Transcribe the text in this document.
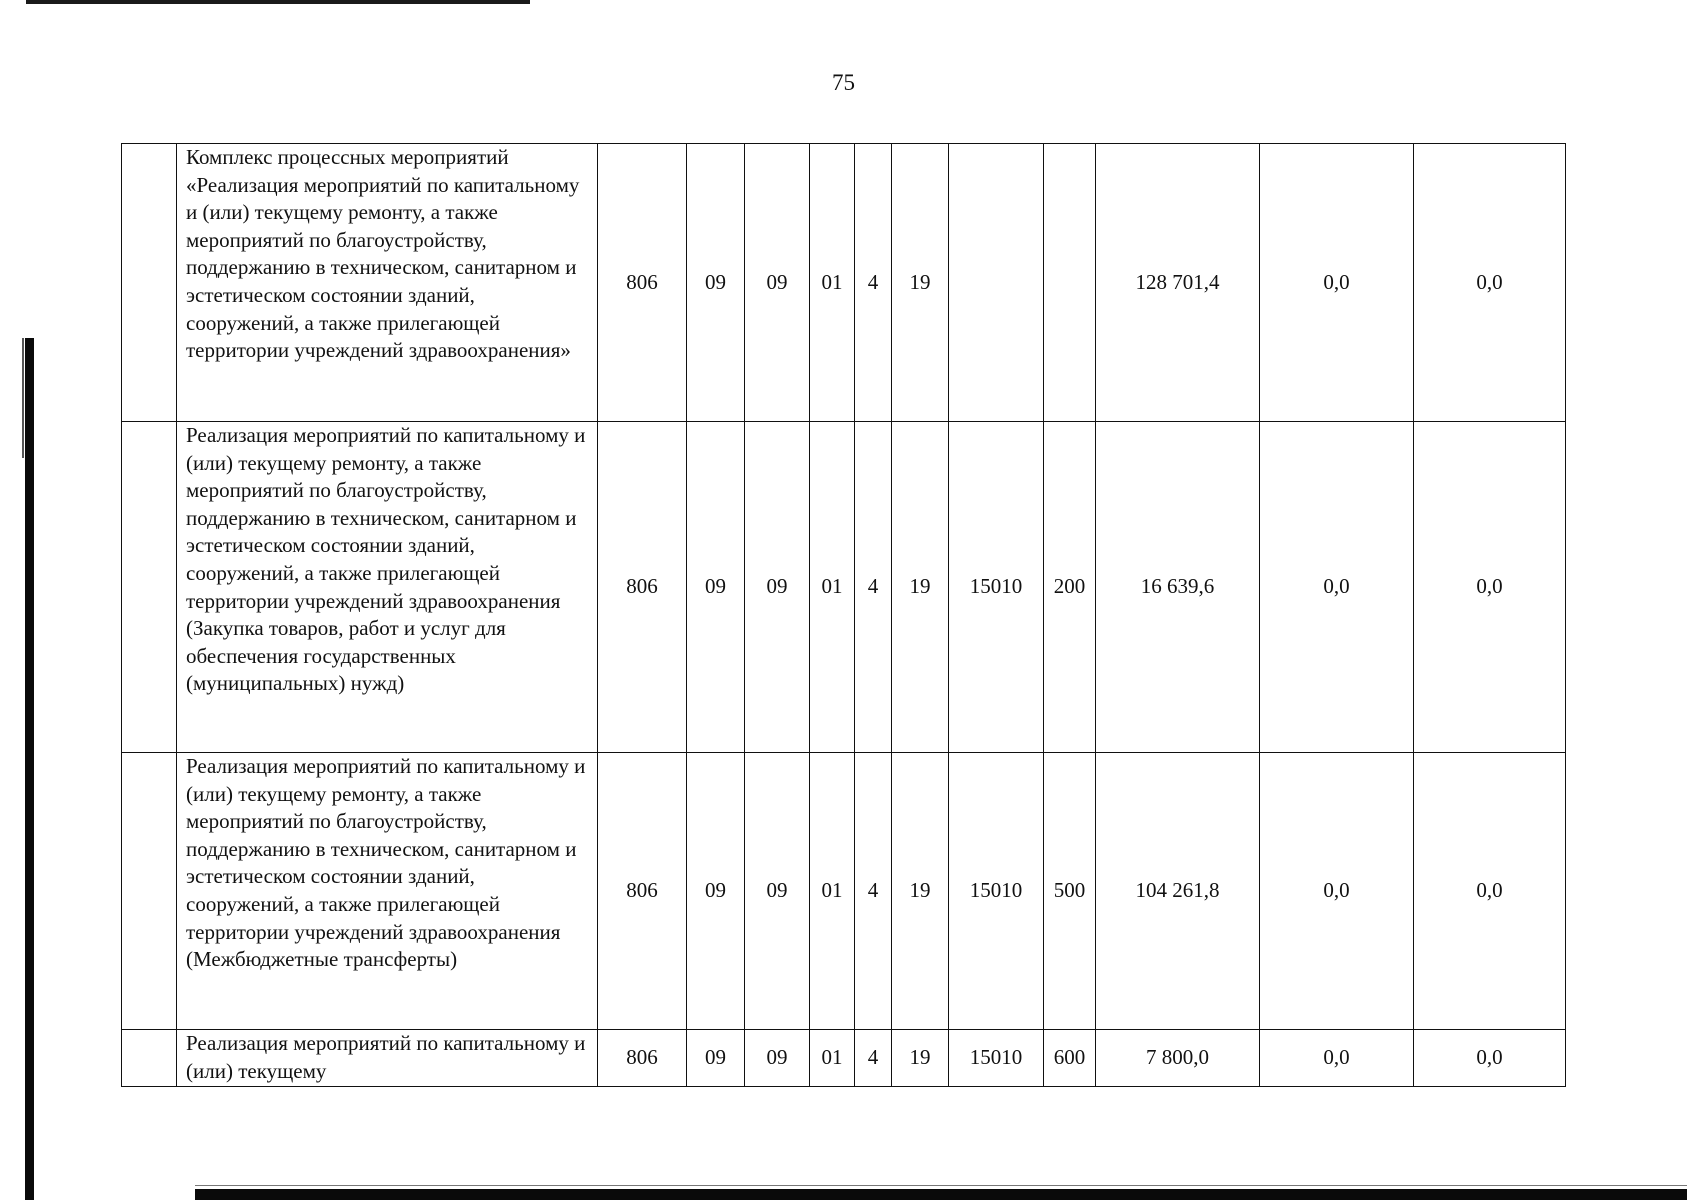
75
	Комплекс процессных мероприятий «Реализация мероприятий по капитальному и (или) текущему ремонту, а также мероприятий по благоустройству, поддержанию в техническом, санитарном и эстетическом состоянии зданий, сооружений, а также прилегающей территории учреждений здравоохранения»	806	09	09	01	4	19			128 701,4	0,0	0,0
	Реализация мероприятий по капитальному и (или) текущему ремонту, а также мероприятий по благоустройству, поддержанию в техническом, санитарном и эстетическом состоянии зданий, сооружений, а также прилегающей территории учреждений здравоохранения (Закупка товаров, работ и услуг для обеспечения государственных (муниципальных) нужд)	806	09	09	01	4	19	15010	200	16 639,6	0,0	0,0
	Реализация мероприятий по капитальному и (или) текущему ремонту, а также мероприятий по благоустройству, поддержанию в техническом, санитарном и эстетическом состоянии зданий, сооружений, а также прилегающей территории учреждений здравоохранения (Межбюджетные трансферты)	806	09	09	01	4	19	15010	500	104 261,8	0,0	0,0
	Реализация мероприятий по капитальному и (или) текущему	806	09	09	01	4	19	15010	600	7 800,0	0,0	0,0
